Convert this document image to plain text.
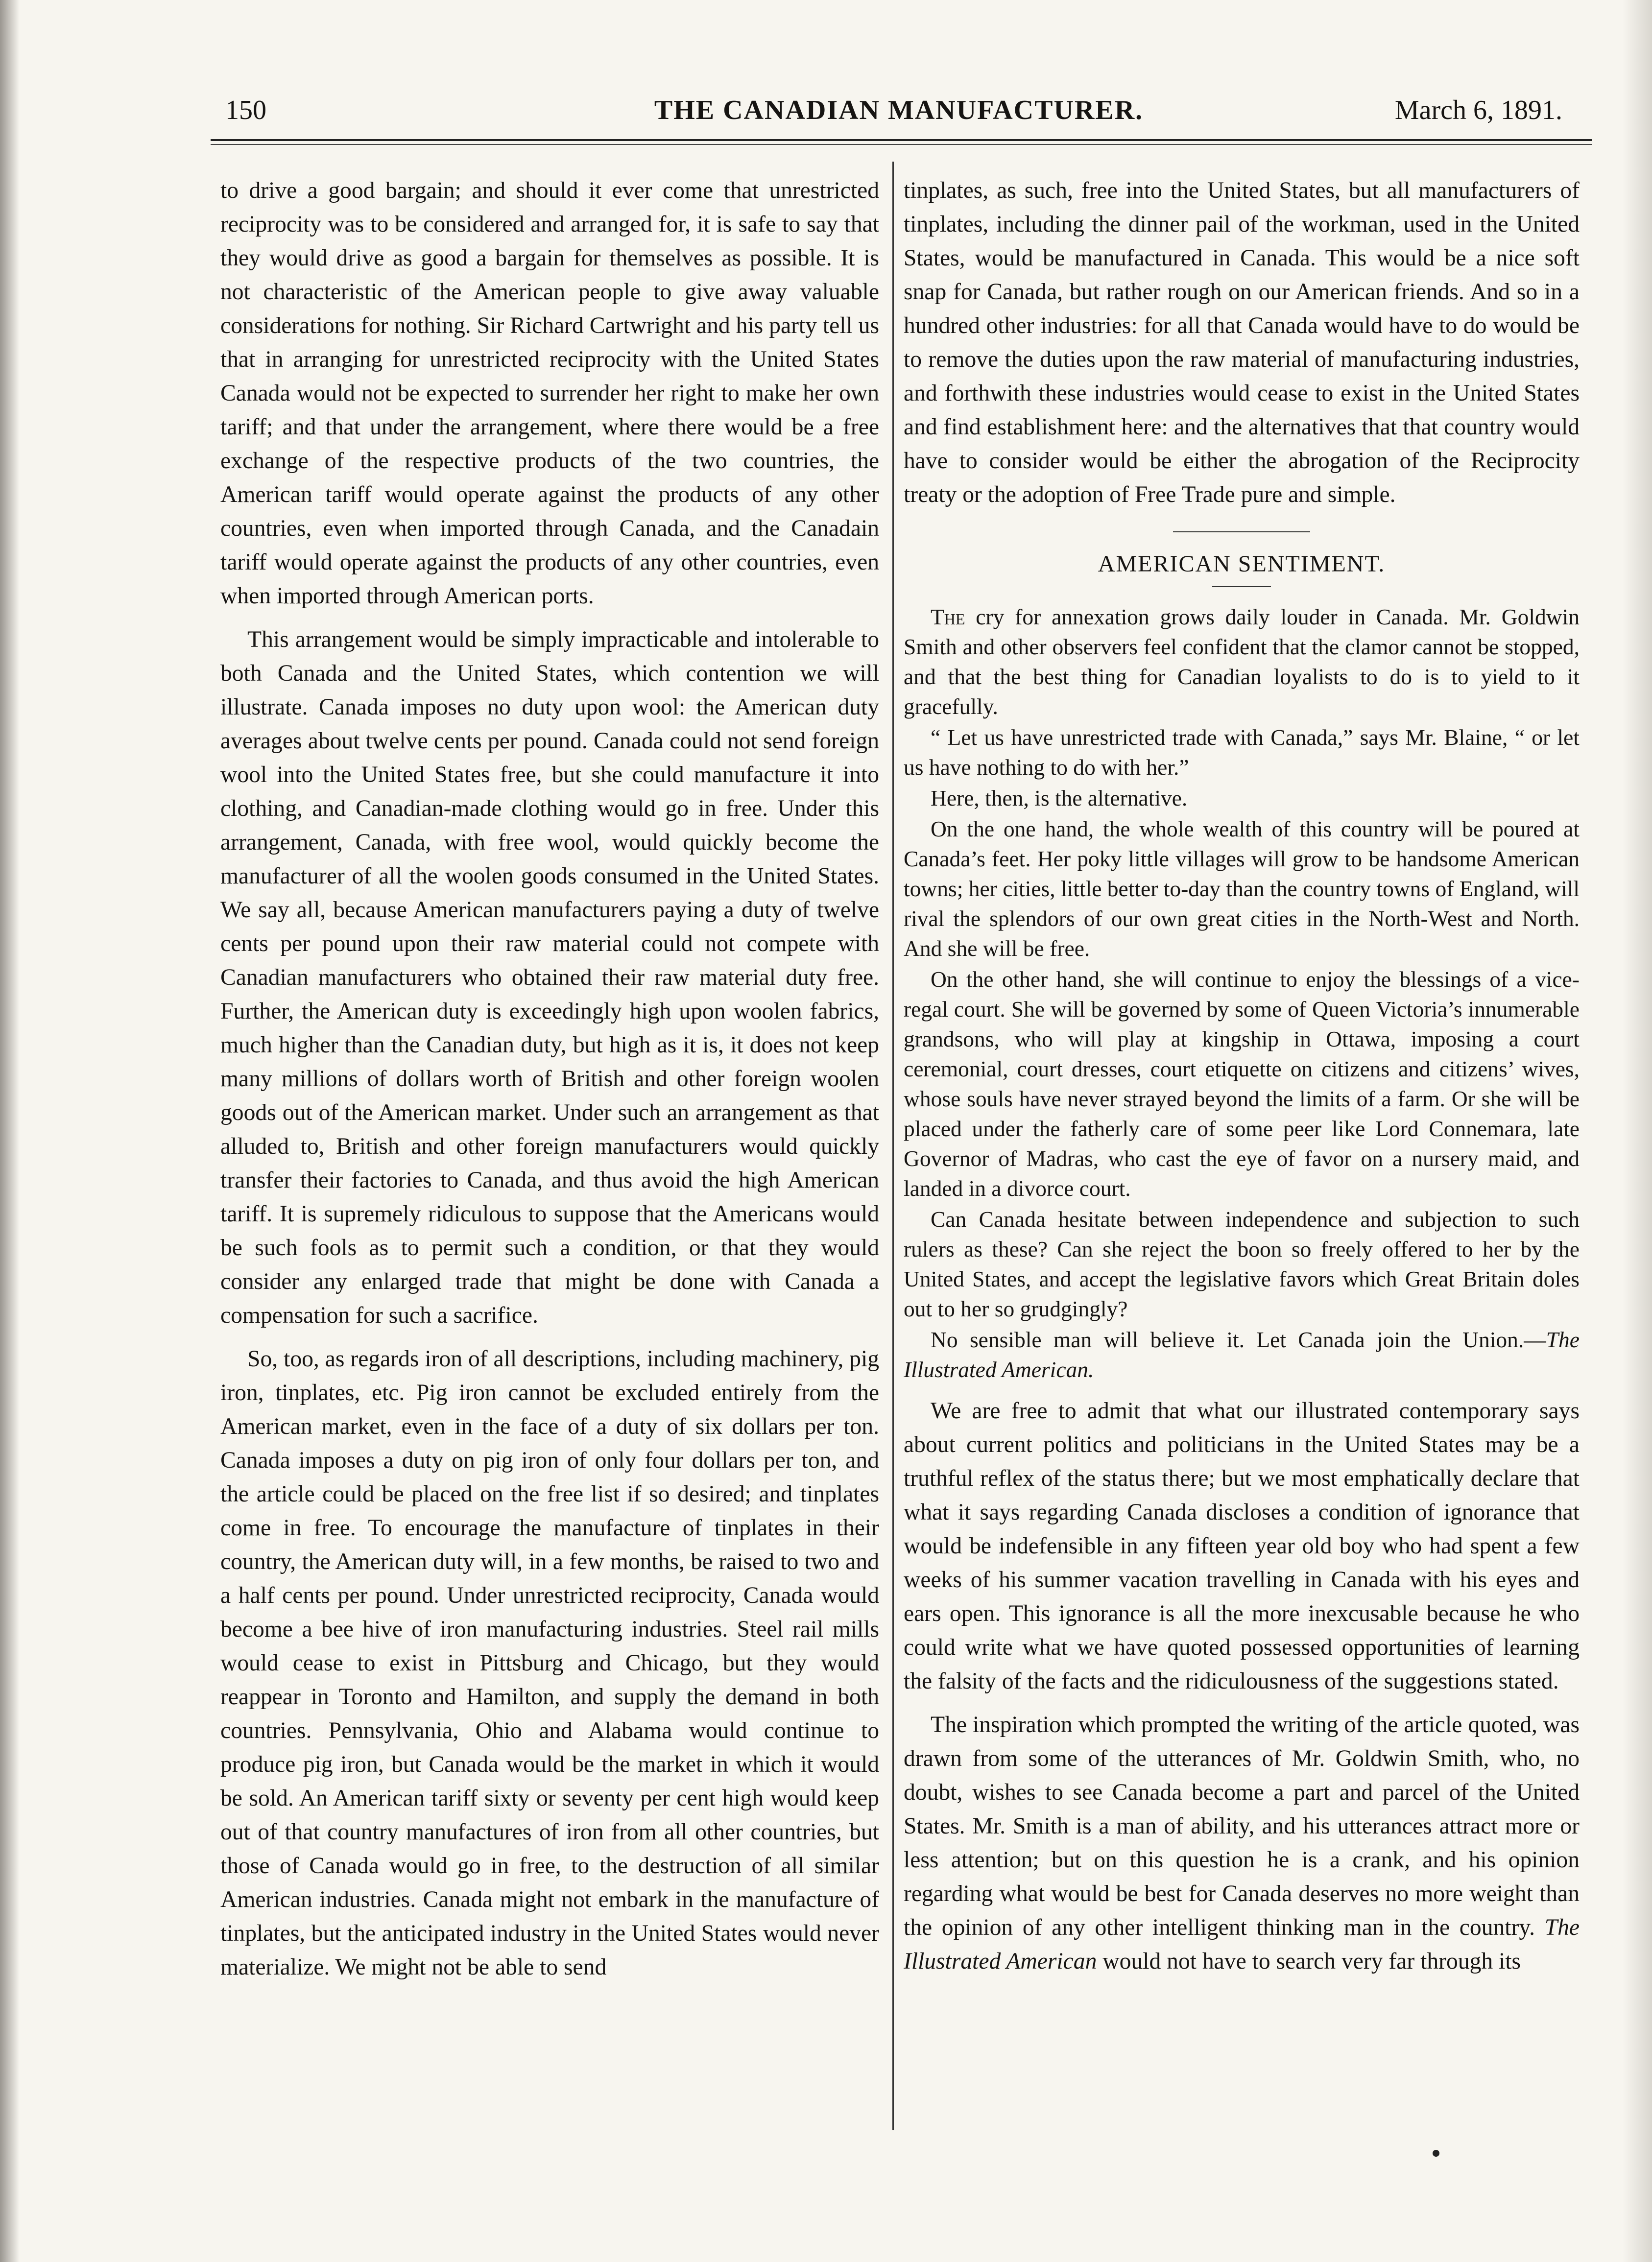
150	THE CANADIAN MANUFACTURER.	March 6, 1891.

to drive a good bargain; and should it ever come that unrestricted reciprocity was to be considered and arranged for, it is safe to say that they would drive as good a bargain for themselves as possible. It is not characteristic of the American people to give away valuable considerations for nothing. Sir Richard Cartwright and his party tell us that in arranging for unrestricted reciprocity with the United States Canada would not be expected to surrender her right to make her own tariff; and that under the arrangement, where there would be a free exchange of the respective products of the two countries, the American tariff would operate against the products of any other countries, even when imported through Canada, and the Canadain tariff would operate against the products of any other countries, even when imported through American ports.

This arrangement would be simply impracticable and intolerable to both Canada and the United States, which contention we will illustrate. Canada imposes no duty upon wool: the American duty averages about twelve cents per pound. Canada could not send foreign wool into the United States free, but she could manufacture it into clothing, and Canadian-made clothing would go in free. Under this arrangement, Canada, with free wool, would quickly become the manufacturer of all the woolen goods consumed in the United States. We say all, because American manufacturers paying a duty of twelve cents per pound upon their raw material could not compete with Canadian manufacturers who obtained their raw material duty free. Further, the American duty is exceedingly high upon woolen fabrics, much higher than the Canadian duty, but high as it is, it does not keep many millions of dollars worth of British and other foreign woolen goods out of the American market. Under such an arrangement as that alluded to, British and other foreign manufacturers would quickly transfer their factories to Canada, and thus avoid the high American tariff. It is supremely ridiculous to suppose that the Americans would be such fools as to permit such a condition, or that they would consider any enlarged trade that might be done with Canada a compensation for such a sacrifice.

So, too, as regards iron of all descriptions, including machinery, pig iron, tinplates, etc. Pig iron cannot be excluded entirely from the American market, even in the face of a duty of six dollars per ton. Canada imposes a duty on pig iron of only four dollars per ton, and the article could be placed on the free list if so desired; and tinplates come in free. To encourage the manufacture of tinplates in their country, the American duty will, in a few months, be raised to two and a half cents per pound. Under unrestricted reciprocity, Canada would become a bee hive of iron manufacturing industries. Steel rail mills would cease to exist in Pittsburg and Chicago, but they would reappear in Toronto and Hamilton, and supply the demand in both countries. Pennsylvania, Ohio and Alabama would continue to produce pig iron, but Canada would be the market in which it would be sold. An American tariff sixty or seventy per cent high would keep out of that country manufactures of iron from all other countries, but those of Canada would go in free, to the destruction of all similar American industries. Canada might not embark in the manufacture of tinplates, but the anticipated industry in the United States would never materialize. We might not be able to send

tinplates, as such, free into the United States, but all manufacturers of tinplates, including the dinner pail of the workman, used in the United States, would be manufactured in Canada. This would be a nice soft snap for Canada, but rather rough on our American friends. And so in a hundred other industries: for all that Canada would have to do would be to remove the duties upon the raw material of manufacturing industries, and forthwith these industries would cease to exist in the United States and find establishment here: and the alternatives that that country would have to consider would be either the abrogation of the Reciprocity treaty or the adoption of Free Trade pure and simple.

AMERICAN SENTIMENT.

The cry for annexation grows daily louder in Canada. Mr. Goldwin Smith and other observers feel confident that the clamor cannot be stopped, and that the best thing for Canadian loyalists to do is to yield to it gracefully.

“ Let us have unrestricted trade with Canada,” says Mr. Blaine, “ or let us have nothing to do with her.”

Here, then, is the alternative.

On the one hand, the whole wealth of this country will be poured at Canada’s feet. Her poky little villages will grow to be handsome American towns; her cities, little better to-day than the country towns of England, will rival the splendors of our own great cities in the North-West and North. And she will be free.

On the other hand, she will continue to enjoy the blessings of a vice-regal court. She will be governed by some of Queen Victoria’s innumerable grandsons, who will play at kingship in Ottawa, imposing a court ceremonial, court dresses, court etiquette on citizens and citizens’ wives, whose souls have never strayed beyond the limits of a farm. Or she will be placed under the fatherly care of some peer like Lord Connemara, late Governor of Madras, who cast the eye of favor on a nursery maid, and landed in a divorce court.

Can Canada hesitate between independence and subjection to such rulers as these? Can she reject the boon so freely offered to her by the United States, and accept the legislative favors which Great Britain doles out to her so grudgingly?

No sensible man will believe it. Let Canada join the Union.—The Illustrated American.

We are free to admit that what our illustrated contemporary says about current politics and politicians in the United States may be a truthful reflex of the status there; but we most emphatically declare that what it says regarding Canada discloses a condition of ignorance that would be indefensible in any fifteen year old boy who had spent a few weeks of his summer vacation travelling in Canada with his eyes and ears open. This ignorance is all the more inexcusable because he who could write what we have quoted possessed opportunities of learning the falsity of the facts and the ridiculousness of the suggestions stated.

The inspiration which prompted the writing of the article quoted, was drawn from some of the utterances of Mr. Goldwin Smith, who, no doubt, wishes to see Canada become a part and parcel of the United States. Mr. Smith is a man of ability, and his utterances attract more or less attention; but on this question he is a crank, and his opinion regarding what would be best for Canada deserves no more weight than the opinion of any other intelligent thinking man in the country. The Illustrated American would not have to search very far through its
